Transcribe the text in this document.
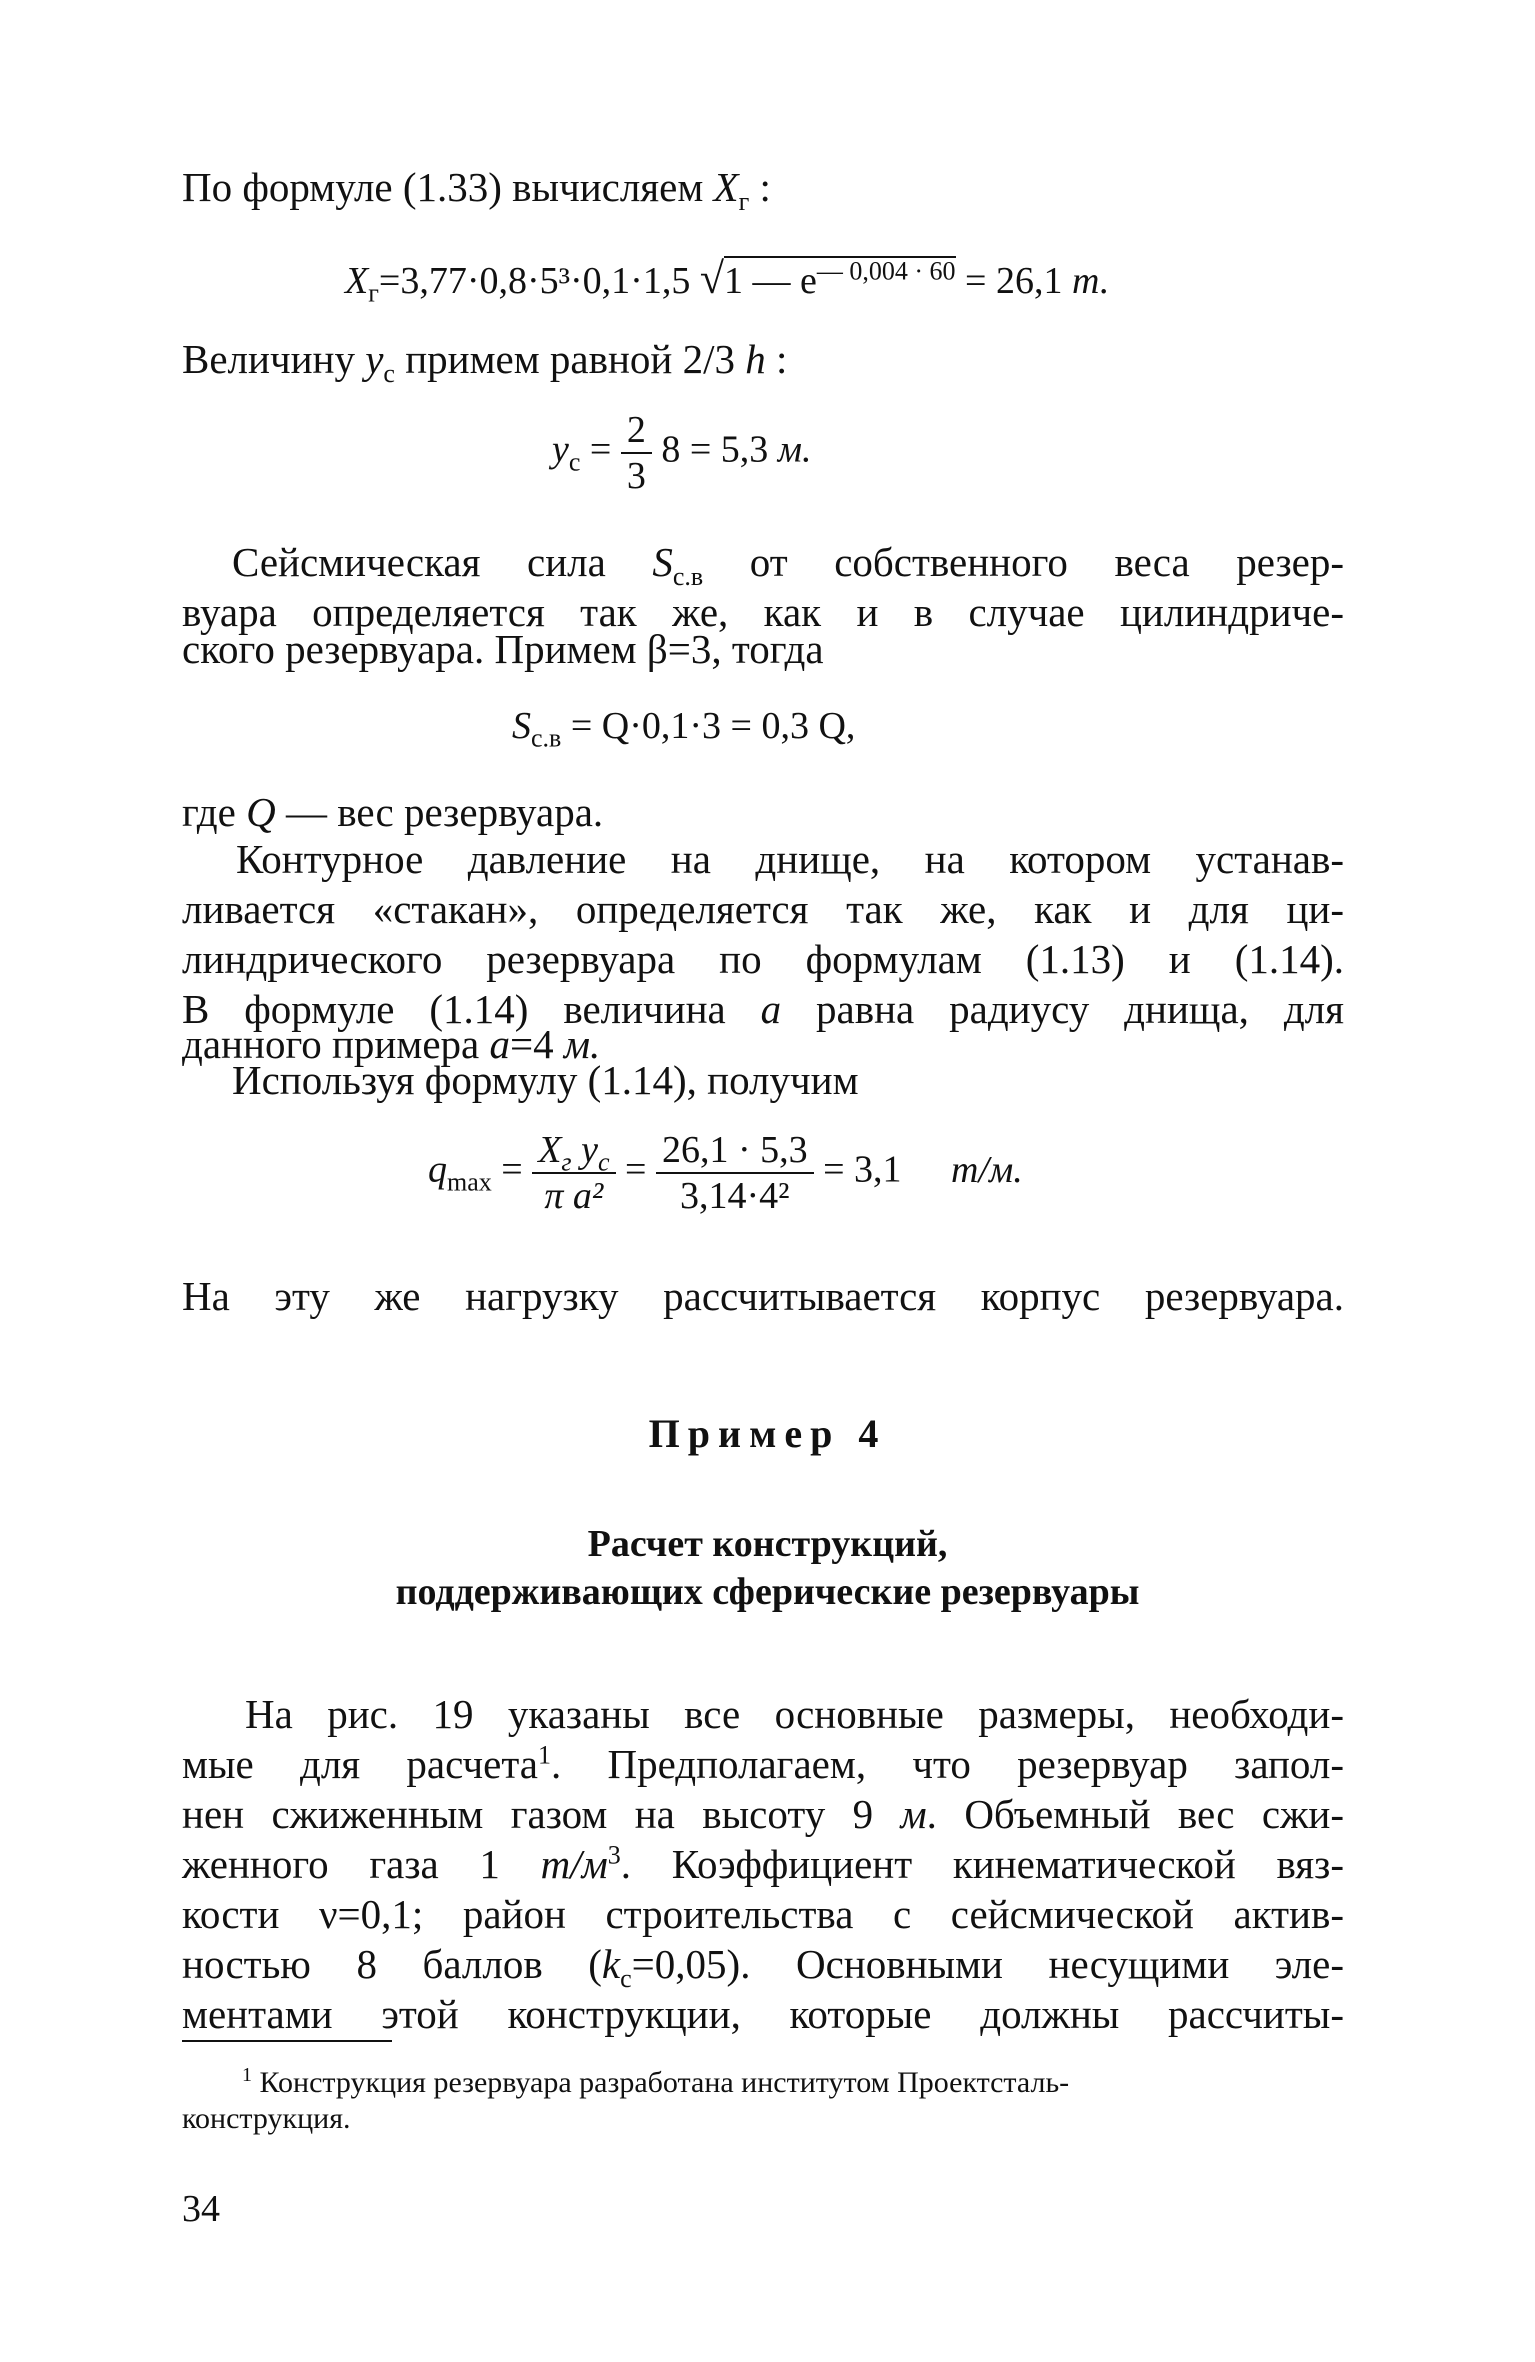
По формуле (1.33) вычисляем $X_г$ :
$X_г=3,77\cdot 0,8\cdot 5^3\cdot 0,1\cdot 1,5$ √1 — $e^{— 0,004 \cdot 60} = 26,1$ т.
Величину $y_c$ примем равной 2/3 h :
$y_c = \frac{2}{3} 8 = 5,3$ м.
Сейсмическая сила $S_{c.в}$ от собственного веса резер-
вуара определяется так же, как и в случае цилиндриче-
ского резервуара. Примем β=3, тогда
$S_{c.в} = Q\cdot 0,1\cdot 3 = 0,3$ Q,
где Q — вес резервуара.
Контурное давление на днище, на котором устанав-
ливается «стакан», определяется так же, как и для ци-
линдрического резервуара по формулам (1.13) и (1.14).
В формуле (1.14) величина a равна радиусу днища, для
данного примера a=4 м.
Используя формулу (1.14), получим
$q_{max} = \frac{X_г y_c}{\text{π a²}} = \frac{26,1 \cdot 5,3}{\text{3,14·4²}} = 3,1$ т/м.
На эту же нагрузку рассчитывается корпус резервуара.
Пример 4
Расчет конструкций,
поддерживающих сферические резервуары
На рис. 19 указаны все основные размеры, необходи-
мые для расчета$^1$. Предполагаем, что резервуар запол-
нен сжиженным газом на высоту 9 м. Объемный вес сжи-
женного газа 1 $т/м^3$. Коэффициент кинематической вяз-
кости ν=0,1; район строительства с сейсмической актив-
ностью 8 баллов $(k_c=0,05)$. Основными несущими эле-
ментами этой конструкции, которые должны рассчиты-
$^1$ Конструкция резервуара разработана институтом Проектсталь-
конструкция.
34
